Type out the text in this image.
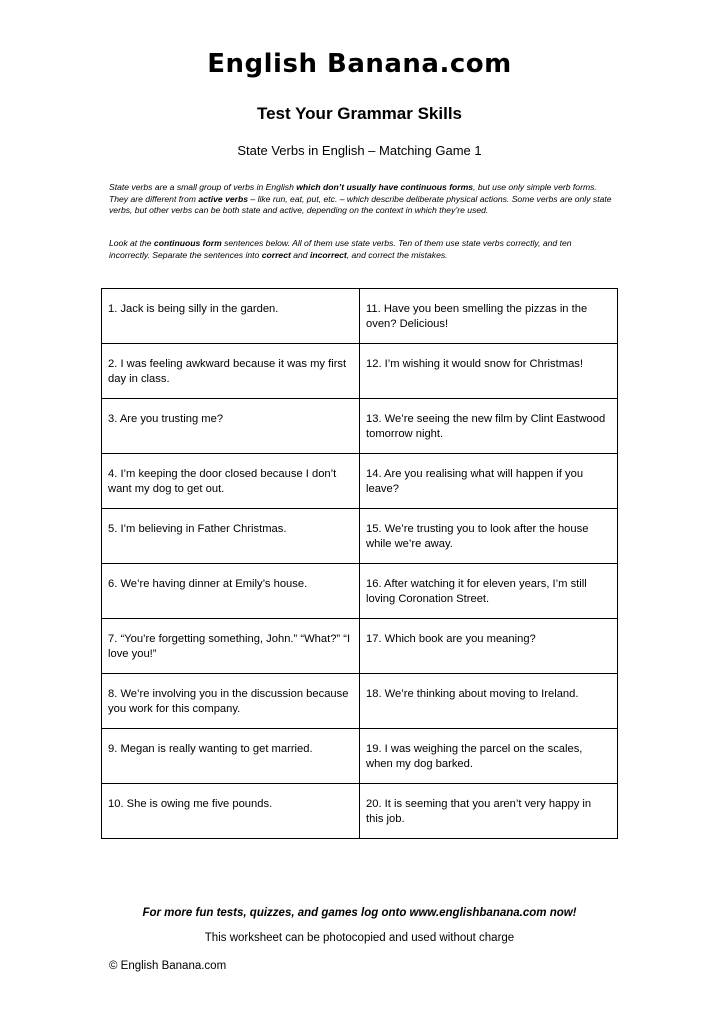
English Banana.com
Test Your Grammar Skills
State Verbs in English – Matching Game 1

State verbs are a small group of verbs in English which don’t usually have continuous forms, but use only simple verb forms. They are different from active verbs – like run, eat, put, etc. – which describe deliberate physical actions. Some verbs are only state verbs, but other verbs can be both state and active, depending on the context in which they’re used.

Look at the continuous form sentences below. All of them use state verbs. Ten of them use state verbs correctly, and ten incorrectly. Separate the sentences into correct and incorrect, and correct the mistakes.

1. Jack is being silly in the garden.	11. Have you been smelling the pizzas in the oven? Delicious!
2. I was feeling awkward because it was my first day in class.	12. I’m wishing it would snow for Christmas!
3. Are you trusting me?	13. We’re seeing the new film by Clint Eastwood tomorrow night.
4. I’m keeping the door closed because I don’t want my dog to get out.	14. Are you realising what will happen if you leave?
5. I’m believing in Father Christmas.	15. We’re trusting you to look after the house while we’re away.
6. We’re having dinner at Emily’s house.	16. After watching it for eleven years, I’m still loving Coronation Street.
7. “You’re forgetting something, John.” “What?” “I love you!”	17. Which book are you meaning?
8. We’re involving you in the discussion because you work for this company.	18. We’re thinking about moving to Ireland.
9. Megan is really wanting to get married.	19. I was weighing the parcel on the scales, when my dog barked.
10. She is owing me five pounds.	20. It is seeming that you aren’t very happy in this job.
For more fun tests, quizzes, and games log onto www.englishbanana.com now!
This worksheet can be photocopied and used without charge
© English Banana.com
